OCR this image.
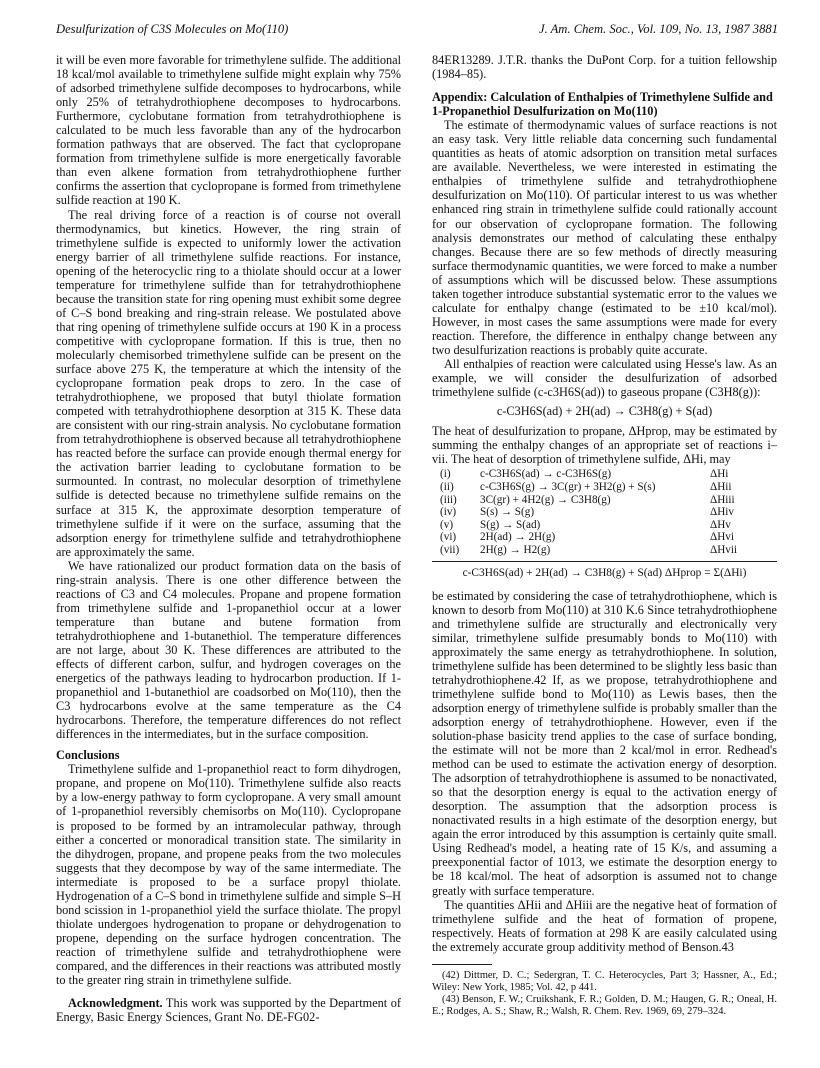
Desulfurization of C3S Molecules on Mo(110)	J. Am. Chem. Soc., Vol. 109, No. 13, 1987 3881

it will be even more favorable for trimethylene sulfide. The additional 18 kcal/mol available to trimethylene sulfide might explain why 75% of adsorbed trimethylene sulfide decomposes to hydrocarbons, while only 25% of tetrahydrothiophene decomposes to hydrocarbons. Furthermore, cyclobutane formation from tetrahydrothiophene is calculated to be much less favorable than any of the hydrocarbon formation pathways that are observed. The fact that cyclopropane formation from trimethylene sulfide is more energetically favorable than even alkene formation from tetrahydrothiophene further confirms the assertion that cyclopropane is formed from trimethylene sulfide reaction at 190 K.

The real driving force of a reaction is of course not overall thermodynamics, but kinetics. However, the ring strain of trimethylene sulfide is expected to uniformly lower the activation energy barrier of all trimethylene sulfide reactions. For instance, opening of the heterocyclic ring to a thiolate should occur at a lower temperature for trimethylene sulfide than for tetrahydrothiophene because the transition state for ring opening must exhibit some degree of C–S bond breaking and ring-strain release. We postulated above that ring opening of trimethylene sulfide occurs at 190 K in a process competitive with cyclopropane formation. If this is true, then no molecularly chemisorbed trimethylene sulfide can be present on the surface above 275 K, the temperature at which the intensity of the cyclopropane formation peak drops to zero. In the case of tetrahydrothiophene, we proposed that butyl thiolate formation competed with tetrahydrothiophene desorption at 315 K. These data are consistent with our ring-strain analysis. No cyclobutane formation from tetrahydrothiophene is observed because all tetrahydrothiophene has reacted before the surface can provide enough thermal energy for the activation barrier leading to cyclobutane formation to be surmounted. In contrast, no molecular desorption of trimethylene sulfide is detected because no trimethylene sulfide remains on the surface at 315 K, the approximate desorption temperature of trimethylene sulfide if it were on the surface, assuming that the adsorption energy for trimethylene sulfide and tetrahydrothiophene are approximately the same.

We have rationalized our product formation data on the basis of ring-strain analysis. There is one other difference between the reactions of C3 and C4 molecules. Propane and propene formation from trimethylene sulfide and 1-propanethiol occur at a lower temperature than butane and butene formation from tetrahydrothiophene and 1-butanethiol. The temperature differences are not large, about 30 K. These differences are attributed to the effects of different carbon, sulfur, and hydrogen coverages on the energetics of the pathways leading to hydrocarbon production. If 1-propanethiol and 1-butanethiol are coadsorbed on Mo(110), then the C3 hydrocarbons evolve at the same temperature as the C4 hydrocarbons. Therefore, the temperature differences do not reflect differences in the intermediates, but in the surface composition.

Conclusions

Trimethylene sulfide and 1-propanethiol react to form dihydrogen, propane, and propene on Mo(110). Trimethylene sulfide also reacts by a low-energy pathway to form cyclopropane. A very small amount of 1-propanethiol reversibly chemisorbs on Mo(110). Cyclopropane is proposed to be formed by an intramolecular pathway, through either a concerted or monoradical transition state. The similarity in the dihydrogen, propane, and propene peaks from the two molecules suggests that they decompose by way of the same intermediate. The intermediate is proposed to be a surface propyl thiolate. Hydrogenation of a C–S bond in trimethylene sulfide and simple S–H bond scission in 1-propanethiol yield the surface thiolate. The propyl thiolate undergoes hydrogenation to propane or dehydrogenation to propene, depending on the surface hydrogen concentration. The reaction of trimethylene sulfide and tetrahydrothiophene were compared, and the differences in their reactions was attributed mostly to the greater ring strain in trimethylene sulfide.

Acknowledgment. This work was supported by the Department of Energy, Basic Energy Sciences, Grant No. DE-FG02-

84ER13289. J.T.R. thanks the DuPont Corp. for a tuition fellowship (1984–85).

Appendix: Calculation of Enthalpies of Trimethylene Sulfide and 1-Propanethiol Desulfurization on Mo(110)

The estimate of thermodynamic values of surface reactions is not an easy task. Very little reliable data concerning such fundamental quantities as heats of atomic adsorption on transition metal surfaces are available. Nevertheless, we were interested in estimating the enthalpies of trimethylene sulfide and tetrahydrothiophene desulfurization on Mo(110). Of particular interest to us was whether enhanced ring strain in trimethylene sulfide could rationally account for our observation of cyclopropane formation. The following analysis demonstrates our method of calculating these enthalpy changes. Because there are so few methods of directly measuring surface thermodynamic quantities, we were forced to make a number of assumptions which will be discussed below. These assumptions taken together introduce substantial systematic error to the values we calculate for enthalpy change (estimated to be ±10 kcal/mol). However, in most cases the same assumptions were made for every reaction. Therefore, the difference in enthalpy change between any two desulfurization reactions is probably quite accurate.

All enthalpies of reaction were calculated using Hesse's law. As an example, we will consider the desulfurization of adsorbed trimethylene sulfide (c-c3H6S(ad)) to gaseous propane (C3H8(g)):

c-C3H6S(ad) + 2H(ad) → C3H8(g) + S(ad)

The heat of desulfurization to propane, ΔHprop, may be estimated by summing the enthalpy changes of an appropriate set of reactions i–vii. The heat of desorption of trimethylene sulfide, ΔHi, may

(i)	c-C3H6S(ad) → c-C3H6S(g)	ΔHi
(ii)	c-C3H6S(g) → 3C(gr) + 3H2(g) + S(s)	ΔHii
(iii)	3C(gr) + 4H2(g) → C3H8(g)	ΔHiii
(iv)	S(s) → S(g)	ΔHiv
(v)	S(g) → S(ad)	ΔHv
(vi)	2H(ad) → 2H(g)	ΔHvi
(vii)	2H(g) → H2(g)	ΔHvii
c-C3H6S(ad) + 2H(ad) → C3H8(g) + S(ad) ΔHprop = Σ(ΔHi)

be estimated by considering the case of tetrahydrothiophene, which is known to desorb from Mo(110) at 310 K.6 Since tetrahydrothiophene and trimethylene sulfide are structurally and electronically very similar, trimethylene sulfide presumably bonds to Mo(110) with approximately the same energy as tetrahydrothiophene. In solution, trimethylene sulfide has been determined to be slightly less basic than tetrahydrothiophene.42 If, as we propose, tetrahydrothiophene and trimethylene sulfide bond to Mo(110) as Lewis bases, then the adsorption energy of trimethylene sulfide is probably smaller than the adsorption energy of tetrahydrothiophene. However, even if the solution-phase basicity trend applies to the case of surface bonding, the estimate will not be more than 2 kcal/mol in error. Redhead's method can be used to estimate the activation energy of desorption. The adsorption of tetrahydrothiophene is assumed to be nonactivated, so that the desorption energy is equal to the activation energy of desorption. The assumption that the adsorption process is nonactivated results in a high estimate of the desorption energy, but again the error introduced by this assumption is certainly quite small. Using Redhead's model, a heating rate of 15 K/s, and assuming a preexponential factor of 1013, we estimate the desorption energy to be 18 kcal/mol. The heat of adsorption is assumed not to change greatly with surface temperature.

The quantities ΔHii and ΔHiii are the negative heat of formation of trimethylene sulfide and the heat of formation of propene, respectively. Heats of formation at 298 K are easily calculated using the extremely accurate group additivity method of Benson.43

(42) Dittmer, D. C.; Sedergran, T. C. Heterocycles, Part 3; Hassner, A., Ed.; Wiley: New York, 1985; Vol. 42, p 441.

(43) Benson, F. W.; Cruikshank, F. R.; Golden, D. M.; Haugen, G. R.; Oneal, H. E.; Rodges, A. S.; Shaw, R.; Walsh, R. Chem. Rev. 1969, 69, 279–324.
